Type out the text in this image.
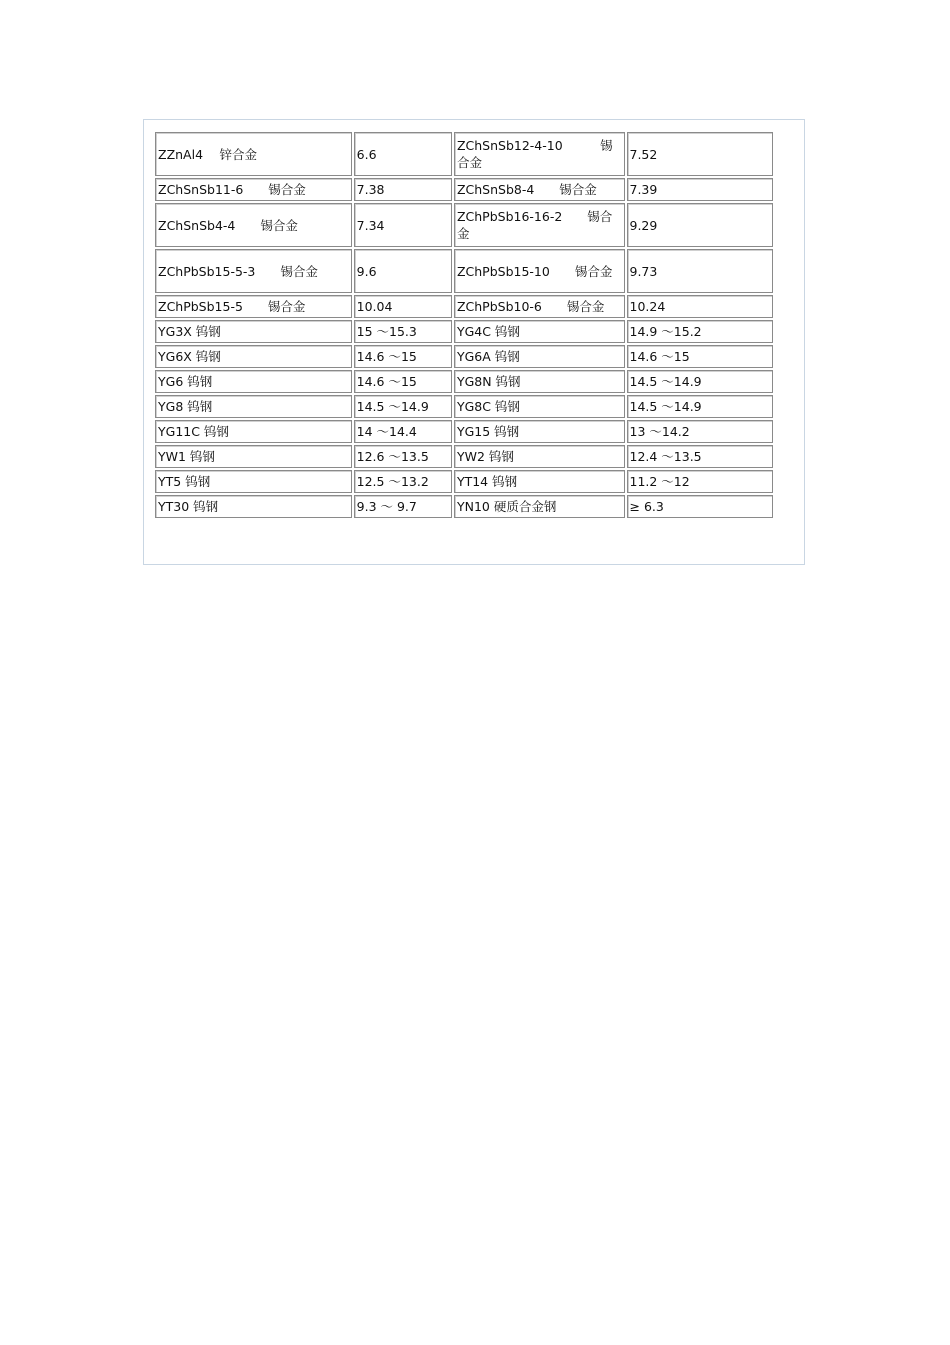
ZZnAl4　 锌合金	6.6	ZChSnSb12-4-10　　　锡合金	7.52
ZChSnSb11-6　　锡合金	7.38	ZChSnSb8-4　　锡合金	7.39
ZChSnSb4-4　　锡合金	7.34	ZChPbSb16-16-2　　锡合金	9.29
ZChPbSb15-5-3　　锡合金	9.6	ZChPbSb15-10　　锡合金	9.73
ZChPbSb15-5　　锡合金	10.04	ZChPbSb10-6　　锡合金	10.24
YG3X 钨钢	15 ～15.3	YG4C 钨钢	14.9 ～15.2
YG6X 钨钢	14.6 ～15	YG6A 钨钢	14.6 ～15
YG6 钨钢	14.6 ～15	YG8N 钨钢	14.5 ～14.9
YG8 钨钢	14.5 ～14.9	YG8C 钨钢	14.5 ～14.9
YG11C 钨钢	14 ～14.4	YG15 钨钢	13 ～14.2
YW1 钨钢	12.6 ～13.5	YW2 钨钢	12.4 ～13.5
YT5 钨钢	12.5 ～13.2	YT14 钨钢	11.2 ～12
YT30 钨钢	9.3 ～ 9.7	YN10 硬质合金钢	≥ 6.3
